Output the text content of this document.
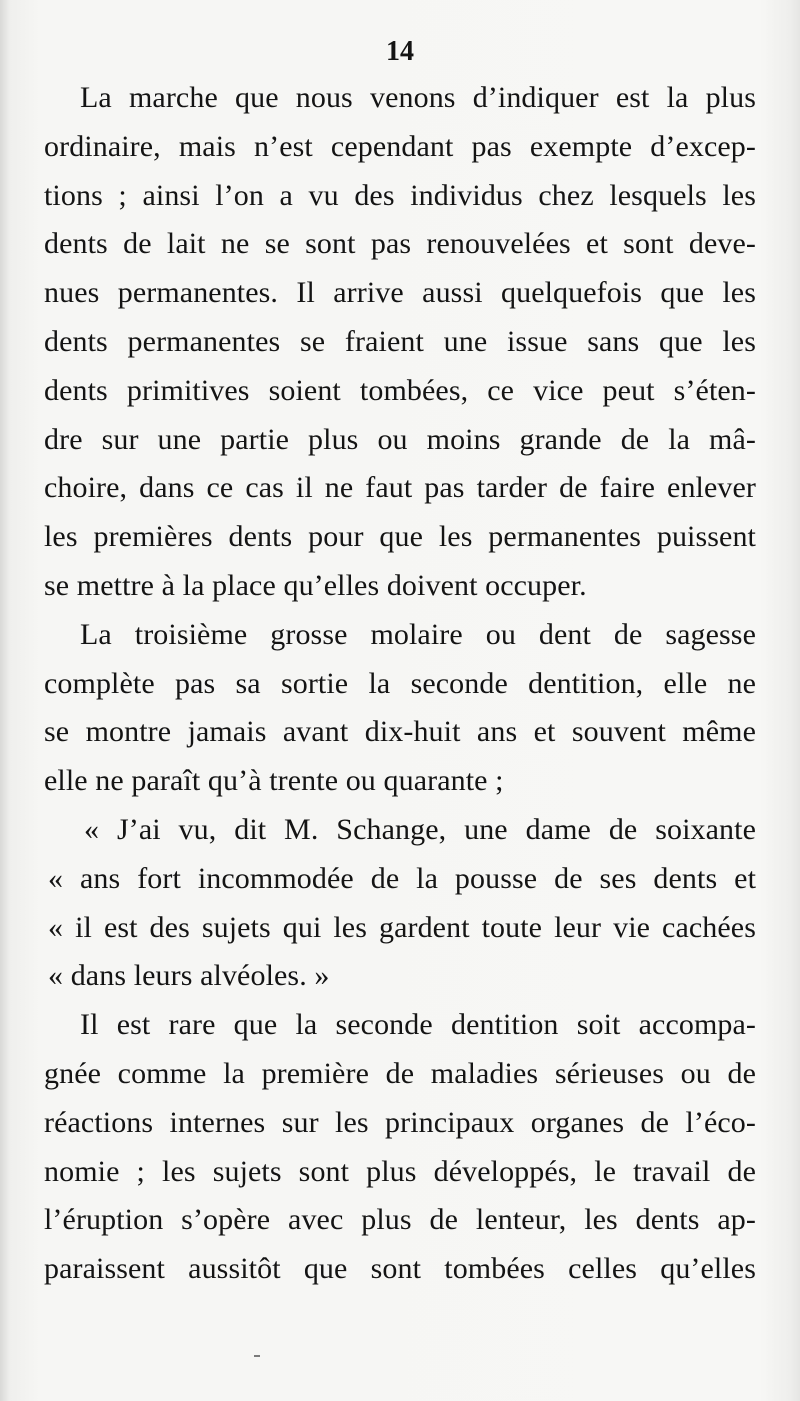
14
La marche que nous venons d’indiquer est la plus
ordinaire, mais n’est cependant pas exempte d’excep-
tions ; ainsi l’on a vu des individus chez lesquels les
dents de lait ne se sont pas renouvelées et sont deve-
nues permanentes. Il arrive aussi quelquefois que les
dents permanentes se fraient une issue sans que les
dents primitives soient tombées, ce vice peut s’éten-
dre sur une partie plus ou moins grande de la mâ-
choire, dans ce cas il ne faut pas tarder de faire enlever
les premières dents pour que les permanentes puissent
se mettre à la place qu’elles doivent occuper.
La troisième grosse molaire ou dent de sagesse
complète pas sa sortie la seconde dentition, elle ne
se montre jamais avant dix-huit ans et souvent même
elle ne paraît qu’à trente ou quarante ;
« J’ai vu, dit M. Schange, une dame de soixante
« ans fort incommodée de la pousse de ses dents et
« il est des sujets qui les gardent toute leur vie cachées
« dans leurs alvéoles. »
Il est rare que la seconde dentition soit accompa-
gnée comme la première de maladies sérieuses ou de
réactions internes sur les principaux organes de l’éco-
nomie ; les sujets sont plus développés, le travail de
l’éruption s’opère avec plus de lenteur, les dents ap-
paraissent aussitôt que sont tombées celles qu’elles
